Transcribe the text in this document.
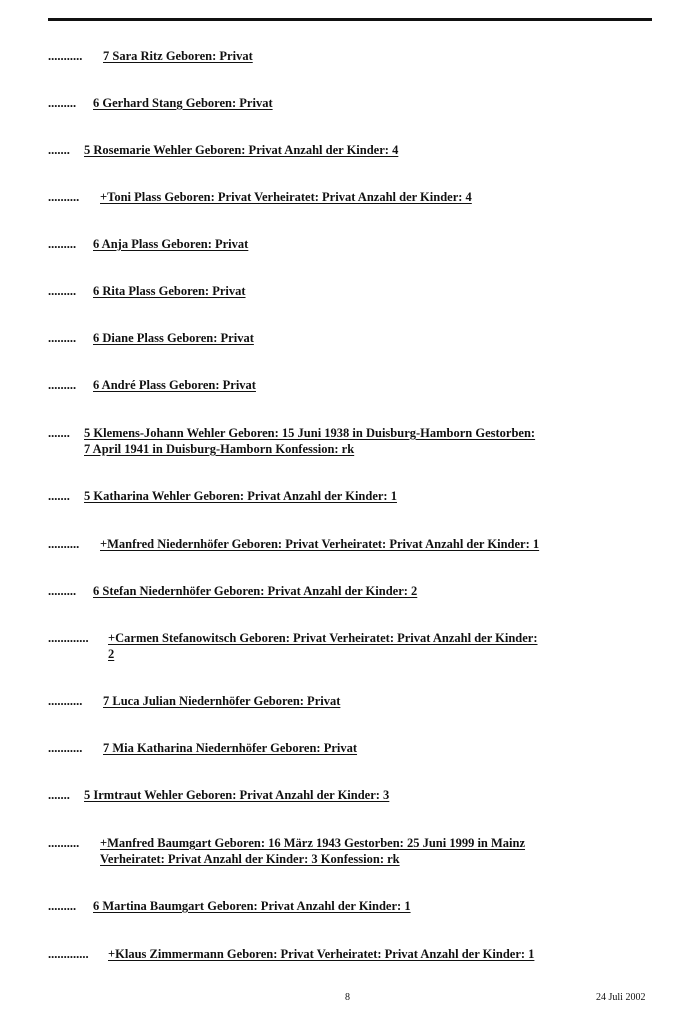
........... 7 Sara Ritz Geboren: Privat
......... 6 Gerhard Stang Geboren: Privat
....... 5 Rosemarie Wehler Geboren: Privat Anzahl der Kinder: 4
.......... +Toni Plass Geboren: Privat Verheiratet: Privat Anzahl der Kinder: 4
......... 6 Anja Plass Geboren: Privat
......... 6 Rita Plass Geboren: Privat
......... 6 Diane Plass Geboren: Privat
......... 6 André Plass Geboren: Privat
....... 5 Klemens-Johann Wehler Geboren: 15 Juni 1938 in Duisburg-Hamborn Gestorben:
7 April 1941 in Duisburg-Hamborn Konfession: rk
....... 5 Katharina Wehler Geboren: Privat Anzahl der Kinder: 1
.......... +Manfred Niedernhöfer Geboren: Privat Verheiratet: Privat Anzahl der Kinder: 1
......... 6 Stefan Niedernhöfer Geboren: Privat Anzahl der Kinder: 2
............. +Carmen Stefanowitsch Geboren: Privat Verheiratet: Privat Anzahl der Kinder:
2
........... 7 Luca Julian Niedernhöfer Geboren: Privat
........... 7 Mia Katharina Niedernhöfer Geboren: Privat
....... 5 Irmtraut Wehler Geboren: Privat Anzahl der Kinder: 3
.......... +Manfred Baumgart Geboren: 16 März 1943 Gestorben: 25 Juni 1999 in Mainz
Verheiratet: Privat Anzahl der Kinder: 3 Konfession: rk
......... 6 Martina Baumgart Geboren: Privat Anzahl der Kinder: 1
............. +Klaus Zimmermann Geboren: Privat Verheiratet: Privat Anzahl der Kinder: 1
8	24 Juli 2002
